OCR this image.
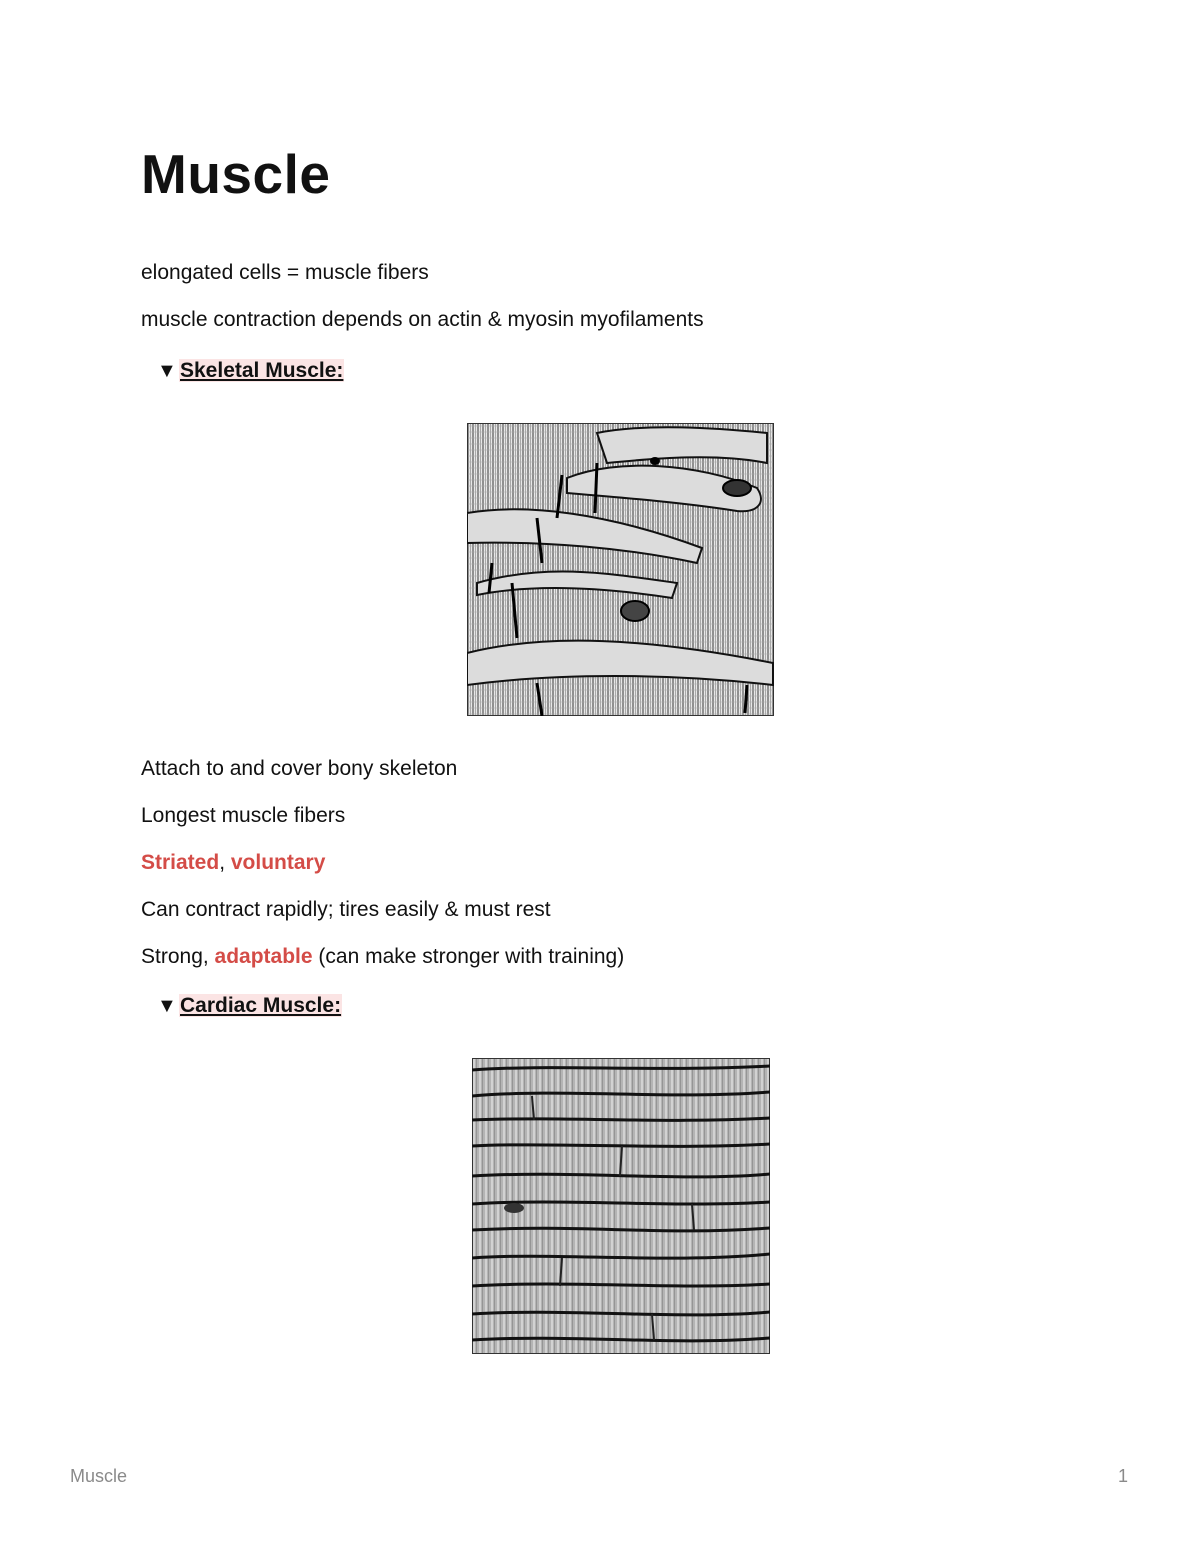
Muscle
elongated cells = muscle fibers
muscle contraction depends on actin & myosin myofilaments
▼ Skeletal Muscle:
Attach to and cover bony skeleton
Longest muscle fibers
Striated, voluntary
Can contract rapidly; tires easily & must rest
Strong, adaptable (can make stronger with training)
▼ Cardiac Muscle:
Muscle	1
